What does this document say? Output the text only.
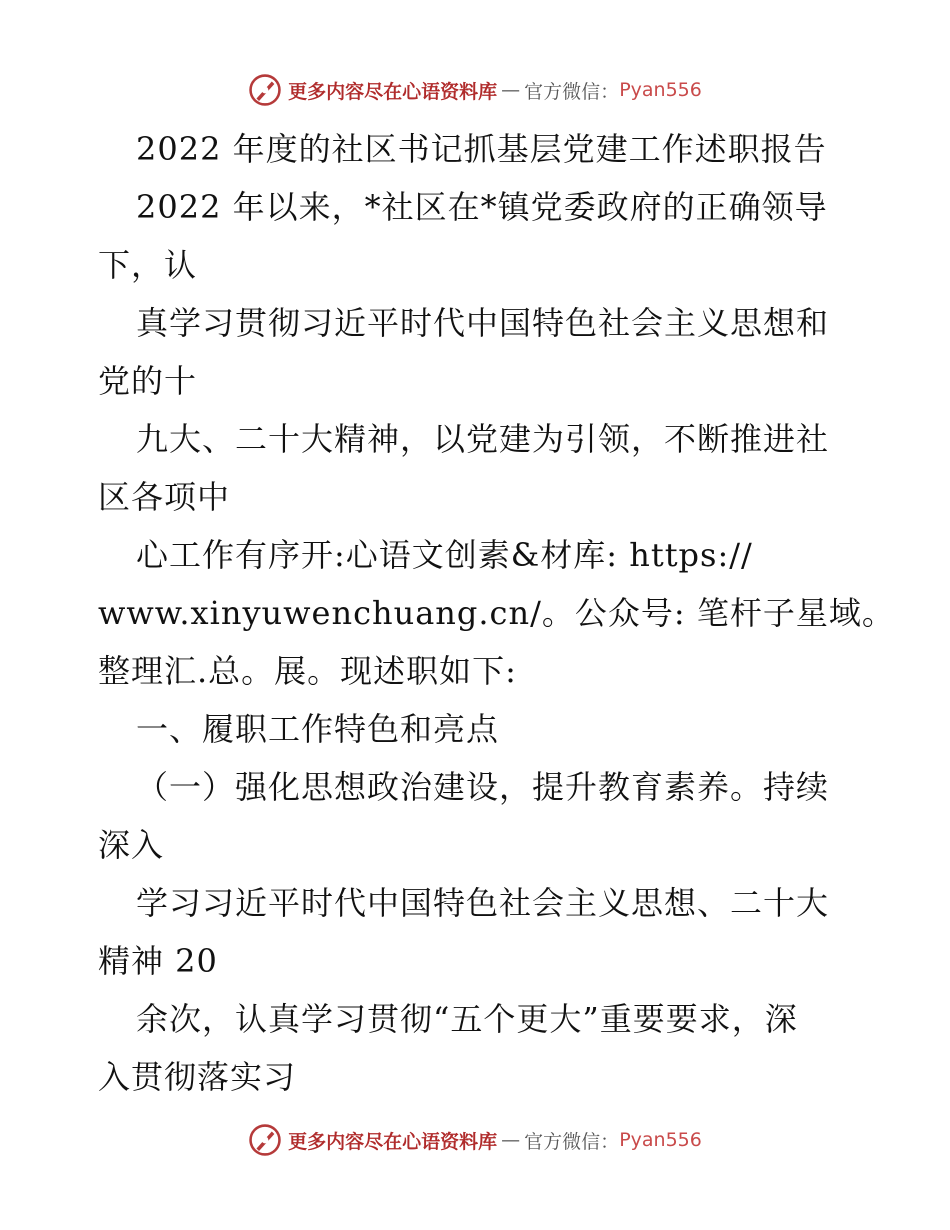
更多内容尽在心语资料库 — 官方微信： Pyan556
2022 年度的社区书记抓基层党建工作述职报告
2022 年以来，*社区在*镇党委政府的正确领导
下，认
真学习贯彻习近平时代中国特色社会主义思想和
党的十
九大、二十大精神，以党建为引领，不断推进社
区各项中
心工作有序开:心语文创素&材库: https://
www.xinyuwenchuang.cn/。公众号: 笔杆子星域。
整理汇.总。展。现述职如下:
一、履职工作特色和亮点
（一）强化思想政治建设，提升教育素养。持续
深入
学习习近平时代中国特色社会主义思想、二十大
精神 20
余次，认真学习贯彻“五个更大”重要要求，深
入贯彻落实习
更多内容尽在心语资料库 — 官方微信： Pyan556
